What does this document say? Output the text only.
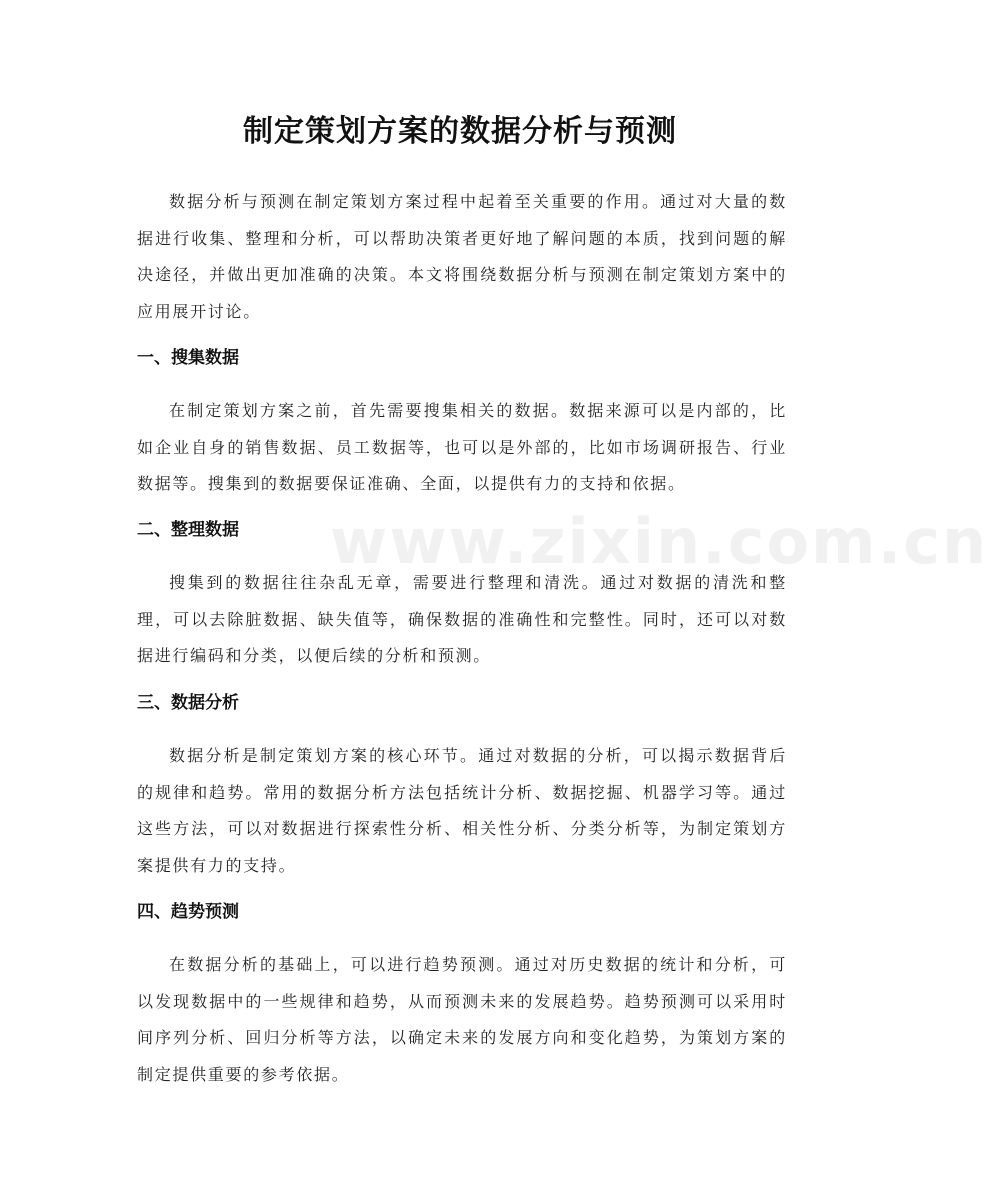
制定策划方案的数据分析与预测

数据分析与预测在制定策划方案过程中起着至关重要的作用。通过对大量的数据进行收集、整理和分析，可以帮助决策者更好地了解问题的本质，找到问题的解决途径，并做出更加准确的决策。本文将围绕数据分析与预测在制定策划方案中的应用展开讨论。

一、搜集数据

在制定策划方案之前，首先需要搜集相关的数据。数据来源可以是内部的，比如企业自身的销售数据、员工数据等，也可以是外部的，比如市场调研报告、行业数据等。搜集到的数据要保证准确、全面，以提供有力的支持和依据。

二、整理数据

搜集到的数据往往杂乱无章，需要进行整理和清洗。通过对数据的清洗和整理，可以去除脏数据、缺失值等，确保数据的准确性和完整性。同时，还可以对数据进行编码和分类，以便后续的分析和预测。

三、数据分析

数据分析是制定策划方案的核心环节。通过对数据的分析，可以揭示数据背后的规律和趋势。常用的数据分析方法包括统计分析、数据挖掘、机器学习等。通过这些方法，可以对数据进行探索性分析、相关性分析、分类分析等，为制定策划方案提供有力的支持。

四、趋势预测

在数据分析的基础上，可以进行趋势预测。通过对历史数据的统计和分析，可以发现数据中的一些规律和趋势，从而预测未来的发展趋势。趋势预测可以采用时间序列分析、回归分析等方法，以确定未来的发展方向和变化趋势，为策划方案的制定提供重要的参考依据。

www.zixin.com.cn
